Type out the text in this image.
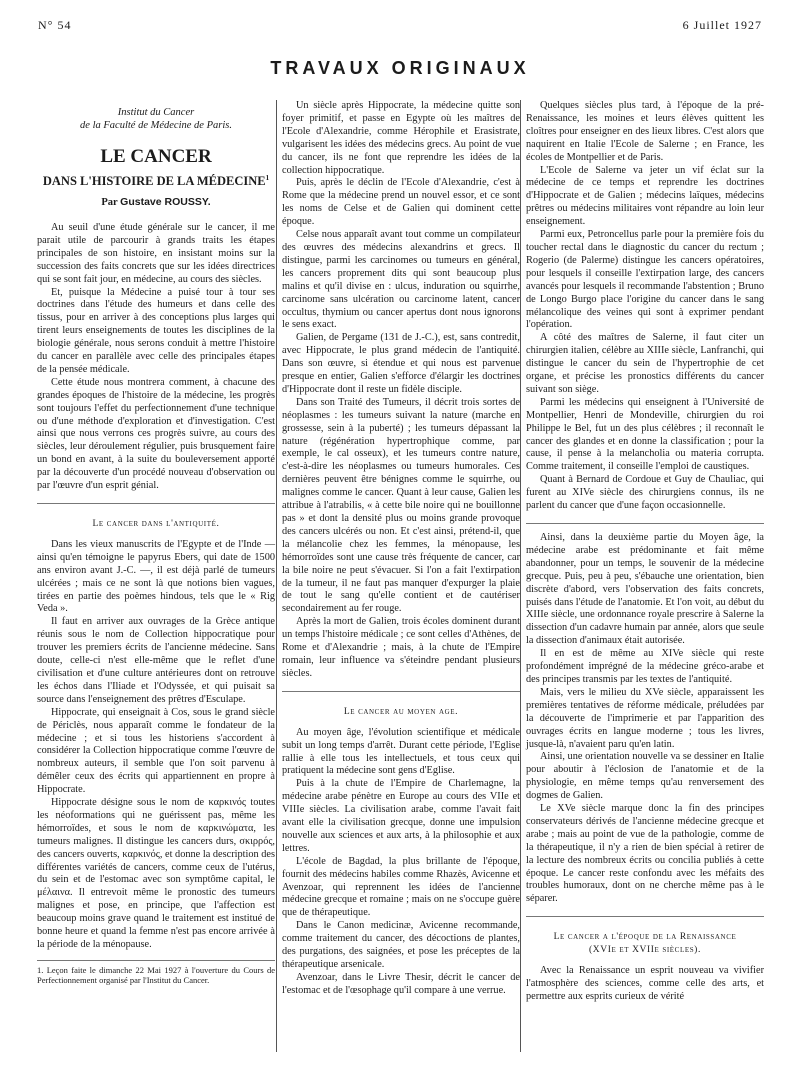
N° 54	6 Juillet 1927
TRAVAUX ORIGINAUX
Institut du Cancer
de la Faculté de Médecine de Paris.
LE CANCER
DANS L'HISTOIRE DE LA MÉDECINE$^1$
Par Gustave ROUSSY.

Au seuil d'une étude générale sur le cancer, il me parait utile de parcourir à grands traits les étapes principales de son histoire, en insistant moins sur la succession des faits concrets que sur les idées directrices qui se sont fait jour, en médecine, au cours des siècles.

Et, puisque la Médecine a puisé tour à tour ses doctrines dans l'étude des humeurs et dans celle des tissus, pour en arriver à des conceptions plus larges qui tirent leurs enseignements de toutes les disciplines de la biologie générale, nous serons conduit à mettre l'histoire du cancer en parallèle avec celle des principales étapes de la pensée médicale.

Cette étude nous montrera comment, à chacune des grandes époques de l'histoire de la médecine, les progrès sont toujours l'effet du perfectionnement d'une technique ou d'une méthode d'exploration et d'investigation. C'est ainsi que nous verrons ces progrès suivre, au cours des siècles, leur déroulement régulier, puis brusquement faire un bond en avant, à la suite du bouleversement apporté par la découverte d'un procédé nouveau d'observation ou par l'œuvre d'un esprit génial.

Le cancer dans l'antiquité.

Dans les vieux manuscrits de l'Egypte et de l'Inde — ainsi qu'en témoigne le papyrus Ebers, qui date de 1500 ans environ avant J.-C. —, il est déjà parlé de tumeurs ulcérées ; mais ce ne sont là que notions bien vagues, tirées en partie des poèmes hindous, tels que le « Rig Veda ».

Il faut en arriver aux ouvrages de la Grèce antique réunis sous le nom de Collection hippocratique pour trouver les premiers écrits de l'ancienne médecine. Sans doute, celle-ci n'est elle-même que le reflet d'une civilisation et d'une culture antérieures dont on retrouve les échos dans l'Iliade et l'Odyssée, et qui puisait sa source dans l'enseignement des prêtres d'Esculape.

Hippocrate, qui enseignait à Cos, sous le grand siècle de Périclès, nous apparaît comme le fondateur de la médecine ; et si tous les historiens s'accordent à considérer la Collection hippocratique comme l'œuvre de nombreux auteurs, il semble que l'on soit parvenu à démêler ceux des écrits qui appartiennent en propre à Hippocrate.

Hippocrate désigne sous le nom de καρκινός toutes les néoformations qui ne guérissent pas, même les hémorroïdes, et sous le nom de καρκινώματα, les tumeurs malignes. Il distingue les cancers durs, σκιρρός, des cancers ouverts, καρκινός, et donne la description des différentes variétés de cancers, comme ceux de l'utérus, du sein et de l'estomac avec son symptôme capital, le μέλαινα. Il entrevoit même le pronostic des tumeurs malignes et pose, en principe, que l'affection est beaucoup moins grave quand le traitement est institué de bonne heure et quand la femme n'est pas encore arrivée à la période de la ménopause.

1. Leçon faite le dimanche 22 Mai 1927 à l'ouverture du Cours de Perfectionnement organisé par l'Institut du Cancer.

Un siècle après Hippocrate, la médecine quitte son foyer primitif, et passe en Egypte où les maîtres de l'Ecole d'Alexandrie, comme Hérophile et Erasistrate, vulgarisent les idées des médecins grecs. Au point de vue du cancer, ils ne font que reprendre les idées de la collection hippocratique.

Puis, après le déclin de l'Ecole d'Alexandrie, c'est à Rome que la médecine prend un nouvel essor, et ce sont les noms de Celse et de Galien qui dominent cette époque.

Celse nous apparaît avant tout comme un compilateur des œuvres des médecins alexandrins et grecs. Il distingue, parmi les carcinomes ou tumeurs en général, les cancers proprement dits qui sont beaucoup plus malins et qu'il divise en : ulcus, induration ou squirrhe, carcinome sans ulcération ou carcinome latent, cancer occultus, thymium ou cancer apertus dont nous ignorons le sens exact.

Galien, de Pergame (131 de J.-C.), est, sans contredit, avec Hippocrate, le plus grand médecin de l'antiquité. Dans son œuvre, si étendue et qui nous est parvenue presque en entier, Galien s'efforce d'élargir les doctrines d'Hippocrate dont il reste un fidèle disciple.

Dans son Traité des Tumeurs, il décrit trois sortes de néoplasmes : les tumeurs suivant la nature (marche en grossesse, sein à la puberté) ; les tumeurs dépassant la nature (régénération hypertrophique comme, par exemple, le cal osseux), et les tumeurs contre nature, c'est-à-dire les néoplasmes ou tumeurs humorales. Ces dernières peuvent être bénignes comme le squirrhe, ou malignes comme le cancer. Quant à leur cause, Galien les attribue à l'atrabilis, « à cette bile noire qui ne bouillonne pas » et dont la densité plus ou moins grande provoque des cancers ulcérés ou non. Et c'est ainsi, prétend-il, que la mélancolie chez les femmes, la ménopause, les hémorroïdes sont une cause très fréquente de cancer, car la bile noire ne peut s'évacuer. Si l'on a fait l'extirpation de la tumeur, il ne faut pas manquer d'expurger la plaie de tout le sang qu'elle contient et de cautériser secondairement au fer rouge.

Après la mort de Galien, trois écoles dominent durant un temps l'histoire médicale ; ce sont celles d'Athènes, de Rome et d'Alexandrie ; mais, à la chute de l'Empire romain, leur influence va s'éteindre pendant plusieurs siècles.

Le cancer au moyen age.

Au moyen âge, l'évolution scientifique et médicale subit un long temps d'arrêt. Durant cette période, l'Eglise rallie à elle tous les intellectuels, et tous ceux qui pratiquent la médecine sont gens d'Eglise.

Puis à la chute de l'Empire de Charlemagne, la médecine arabe pénètre en Europe au cours des VIIe et VIIIe siècles. La civilisation arabe, comme l'avait fait avant elle la civilisation grecque, donne une impulsion nouvelle aux sciences et aux arts, à la philosophie et aux lettres.

L'école de Bagdad, la plus brillante de l'époque, fournit des médecins habiles comme Rhazès, Avicenne et Avenzoar, qui reprennent les idées de l'ancienne médecine grecque et romaine ; mais on ne s'occupe guère que de thérapeutique.

Dans le Canon medicinæ, Avicenne recommande, comme traitement du cancer, des décoctions de plantes, des purgations, des saignées, et pose les préceptes de la thérapeutique arsenicale.

Avenzoar, dans le Livre Thesir, décrit le cancer de l'estomac et de l'œsophage qu'il compare à une verrue.

Quelques siècles plus tard, à l'époque de la pré-Renaissance, les moines et leurs élèves quittent les cloîtres pour enseigner en des lieux libres. C'est alors que naquirent en Italie l'Ecole de Salerne ; en France, les écoles de Montpellier et de Paris.

L'Ecole de Salerne va jeter un vif éclat sur la médecine de ce temps et reprendre les doctrines d'Hippocrate et de Galien ; médecins laïques, médecins prêtres ou médecins militaires vont répandre au loin leur enseignement.

Parmi eux, Petroncellus parle pour la première fois du toucher rectal dans le diagnostic du cancer du rectum ; Rogerio (de Palerme) distingue les cancers opératoires, pour lesquels il conseille l'extirpation large, des cancers avancés pour lesquels il recommande l'abstention ; Bruno de Longo Burgo place l'origine du cancer dans le sang mélancolique des veines qui sont à exprimer pendant l'opération.

A côté des maîtres de Salerne, il faut citer un chirurgien italien, célèbre au XIIIe siècle, Lanfranchi, qui distingue le cancer du sein de l'hypertrophie de cet organe, et précise les pronostics différents du cancer suivant son siège.

Parmi les médecins qui enseignent à l'Université de Montpellier, Henri de Mondeville, chirurgien du roi Philippe le Bel, fut un des plus célèbres ; il reconnaît le cancer des glandes et en donne la classification ; pour la cause, il pense à la melancholia ou materia corrupta. Comme traitement, il conseille l'emploi de caustiques.

Quant à Bernard de Cordoue et Guy de Chauliac, qui furent au XIVe siècle des chirurgiens connus, ils ne parlent du cancer que d'une façon occasionnelle.

Ainsi, dans la deuxième partie du Moyen âge, la médecine arabe est prédominante et fait même abandonner, pour un temps, le souvenir de la médecine grecque. Puis, peu à peu, s'ébauche une orientation, bien discrète d'abord, vers l'observation des faits concrets, puisés dans l'étude de l'anatomie. Et l'on voit, au début du XIIIe siècle, une ordonnance royale prescrire à Salerne la dissection d'un cadavre humain par année, alors que seule la dissection d'animaux était autorisée.

Il en est de même au XIVe siècle qui reste profondément imprégné de la médecine gréco-arabe et des principes transmis par les textes de l'antiquité.

Mais, vers le milieu du XVe siècle, apparaissent les premières tentatives de réforme médicale, préludées par la découverte de l'imprimerie et par l'apparition des ouvrages écrits en langue moderne ; tous les livres, jusque-là, n'avaient paru qu'en latin.

Ainsi, une orientation nouvelle va se dessiner en Italie pour aboutir à l'éclosion de l'anatomie et de la physiologie, en même temps qu'au renversement des dogmes de Galien.

Le XVe siècle marque donc la fin des principes conservateurs dérivés de l'ancienne médecine grecque et arabe ; mais au point de vue de la pathologie, comme de la thérapeutique, il n'y a rien de bien spécial à retirer de la lecture des nombreux écrits ou concilia publiés à cette époque. Le cancer reste confondu avec les méfaits des troubles humoraux, dont on ne cherche même pas à le séparer.

Le cancer a l'époque de la Renaissance
(XVIe et XVIIe siècles).

Avec la Renaissance un esprit nouveau va vivifier l'atmosphère des sciences, comme celle des arts, et permettre aux esprits curieux de vérité
